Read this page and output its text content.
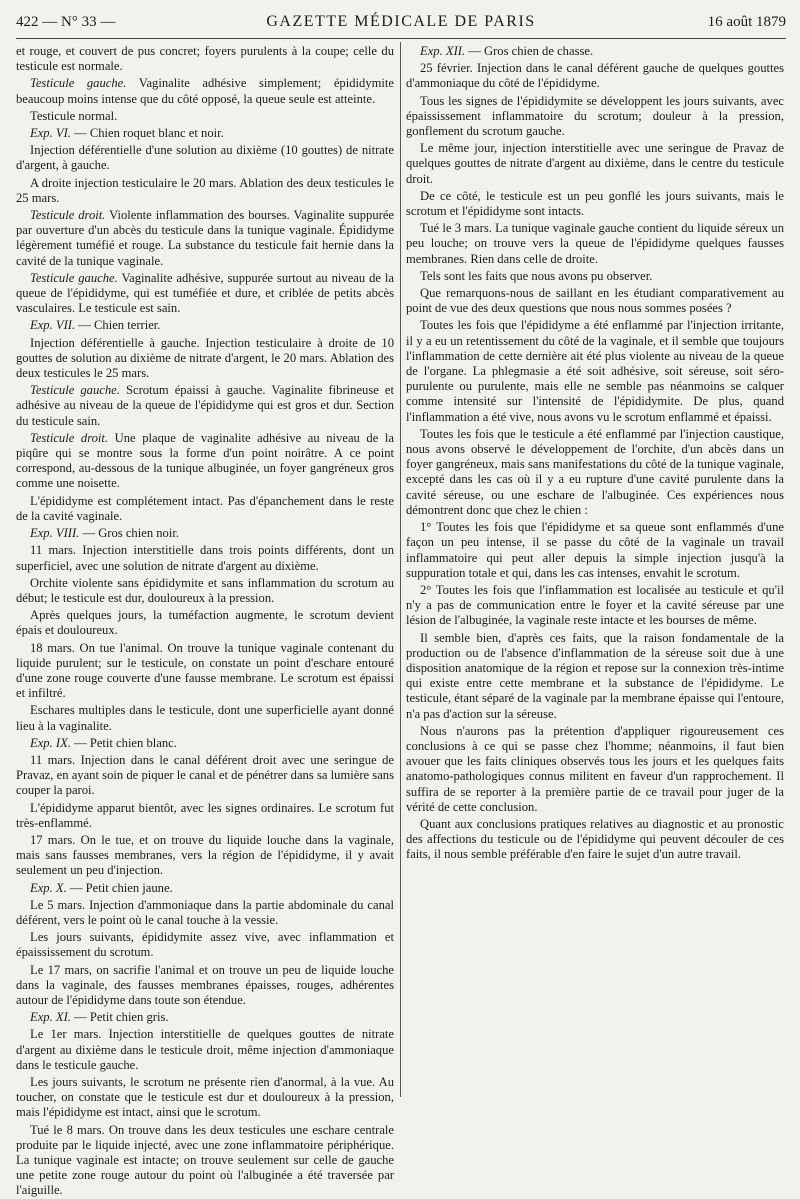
422 — N° 33 —	GAZETTE MÉDICALE DE PARIS	16 août 1879

et rouge, et couvert de pus concret; foyers purulents à la coupe; celle du testicule est normale.

Testicule gauche. Vaginalite adhésive simplement; épididymite beaucoup moins intense que du côté opposé, la queue seule est atteinte.

Testicule normal.

Exp. VI. — Chien roquet blanc et noir.

Injection déférentielle d'une solution au dixième (10 gouttes) de nitrate d'argent, à gauche.

A droite injection testiculaire le 20 mars. Ablation des deux testicules le 25 mars.

Testicule droit. Violente inflammation des bourses. Vaginalite suppurée par ouverture d'un abcès du testicule dans la tunique vaginale. Épididyme légèrement tuméfié et rouge. La substance du testicule fait hernie dans la cavité de la tunique vaginale.

Testicule gauche. Vaginalite adhésive, suppurée surtout au niveau de la queue de l'épididyme, qui est tuméfiée et dure, et criblée de petits abcès vasculaires. Le testicule est sain.

Exp. VII. — Chien terrier.

Injection déférentielle à gauche. Injection testiculaire à droite de 10 gouttes de solution au dixième de nitrate d'argent, le 20 mars. Ablation des deux testicules le 25 mars.

Testicule gauche. Scrotum épaissi à gauche. Vaginalite fibrineuse et adhésive au niveau de la queue de l'épididyme qui est gros et dur. Section du testicule sain.

Testicule droit. Une plaque de vaginalite adhésive au niveau de la piqûre qui se montre sous la forme d'un point noirâtre. A ce point correspond, au-dessous de la tunique albuginée, un foyer gangréneux gros comme une noisette.

L'épididyme est complétement intact. Pas d'épanchement dans le reste de la cavité vaginale.

Exp. VIII. — Gros chien noir.

11 mars. Injection interstitielle dans trois points différents, dont un superficiel, avec une solution de nitrate d'argent au dixième.

Orchite violente sans épididymite et sans inflammation du scrotum au début; le testicule est dur, douloureux à la pression.

Après quelques jours, la tuméfaction augmente, le scrotum devient épais et douloureux.

18 mars. On tue l'animal. On trouve la tunique vaginale contenant du liquide purulent; sur le testicule, on constate un point d'eschare entouré d'une zone rouge couverte d'une fausse membrane. Le scrotum est épaissi et infiltré.

Eschares multiples dans le testicule, dont une superficielle ayant donné lieu à la vaginalite.

Exp. IX. — Petit chien blanc.

11 mars. Injection dans le canal déférent droit avec une seringue de Pravaz, en ayant soin de piquer le canal et de pénétrer dans sa lumière sans couper la paroi.

L'épididyme apparut bientôt, avec les signes ordinaires. Le scrotum fut très-enflammé.

17 mars. On le tue, et on trouve du liquide louche dans la vaginale, mais sans fausses membranes, vers la région de l'épididyme, il y avait seulement un peu d'injection.

Exp. X. — Petit chien jaune.

Le 5 mars. Injection d'ammoniaque dans la partie abdominale du canal déférent, vers le point où le canal touche à la vessie.

Les jours suivants, épididymite assez vive, avec inflammation et épaississement du scrotum.

Le 17 mars, on sacrifie l'animal et on trouve un peu de liquide louche dans la vaginale, des fausses membranes épaisses, rouges, adhérentes autour de l'épididyme dans toute son étendue.

Exp. XI. — Petit chien gris.

Le 1er mars. Injection interstitielle de quelques gouttes de nitrate d'argent au dixième dans le testicule droit, même injection d'ammoniaque dans le testicule gauche.

Les jours suivants, le scrotum ne présente rien d'anormal, à la vue. Au toucher, on constate que le testicule est dur et douloureux à la pression, mais l'épididyme est intact, ainsi que le scrotum.

Tué le 8 mars. On trouve dans les deux testicules une eschare centrale produite par le liquide injecté, avec une zone inflammatoire périphérique. La tunique vaginale est intacte; on trouve seulement sur celle de gauche une petite zone rouge autour du point où l'albuginée a été traversée par l'aiguille.

Exp. XII. — Gros chien de chasse.

25 février. Injection dans le canal déférent gauche de quelques gouttes d'ammoniaque du côté de l'épididyme.

Tous les signes de l'épididymite se développent les jours suivants, avec épaississement inflammatoire du scrotum; douleur à la pression, gonflement du scrotum gauche.

Le même jour, injection interstitielle avec une seringue de Pravaz de quelques gouttes de nitrate d'argent au dixième, dans le centre du testicule droit.

De ce côté, le testicule est un peu gonflé les jours suivants, mais le scrotum et l'épididyme sont intacts.

Tué le 3 mars. La tunique vaginale gauche contient du liquide séreux un peu louche; on trouve vers la queue de l'épididyme quelques fausses membranes. Rien dans celle de droite.

Tels sont les faits que nous avons pu observer.

Que remarquons-nous de saillant en les étudiant comparativement au point de vue des deux questions que nous nous sommes posées ?

Toutes les fois que l'épididyme a été enflammé par l'injection irritante, il y a eu un retentissement du côté de la vaginale, et il semble que toujours l'inflammation de cette dernière ait été plus violente au niveau de la queue de l'organe. La phlegmasie a été soit adhésive, soit séreuse, soit séro-purulente ou purulente, mais elle ne semble pas néanmoins se calquer comme intensité sur l'intensité de l'épididymite. De plus, quand l'inflammation a été vive, nous avons vu le scrotum enflammé et épaissi.

Toutes les fois que le testicule a été enflammé par l'injection caustique, nous avons observé le développement de l'orchite, d'un abcès dans un foyer gangréneux, mais sans manifestations du côté de la tunique vaginale, excepté dans les cas où il y a eu rupture d'une cavité purulente dans la cavité séreuse, ou une eschare de l'albuginée. Ces expériences nous démontrent donc que chez le chien :

1° Toutes les fois que l'épididyme et sa queue sont enflammés d'une façon un peu intense, il se passe du côté de la vaginale un travail inflammatoire qui peut aller depuis la simple injection jusqu'à la suppuration totale et qui, dans les cas intenses, envahit le scrotum.

2° Toutes les fois que l'inflammation est localisée au testicule et qu'il n'y a pas de communication entre le foyer et la cavité séreuse par une lésion de l'albuginée, la vaginale reste intacte et les bourses de même.

Il semble bien, d'après ces faits, que la raison fondamentale de la production ou de l'absence d'inflammation de la séreuse soit due à une disposition anatomique de la région et repose sur la connexion très-intime qui existe entre cette membrane et la substance de l'épididyme. Le testicule, étant séparé de la vaginale par la membrane épaisse qui l'entoure, n'a pas d'action sur la séreuse.

Nous n'aurons pas la prétention d'appliquer rigoureusement ces conclusions à ce qui se passe chez l'homme; néanmoins, il faut bien avouer que les faits cliniques observés tous les jours et les quelques faits anatomo-pathologiques connus militent en faveur d'un rapprochement. Il suffira de se reporter à la première partie de ce travail pour juger de la vérité de cette conclusion.

Quant aux conclusions pratiques relatives au diagnostic et au pronostic des affections du testicule ou de l'épididyme qui peuvent découler de ces faits, il nous semble préférable d'en faire le sujet d'un autre travail.
